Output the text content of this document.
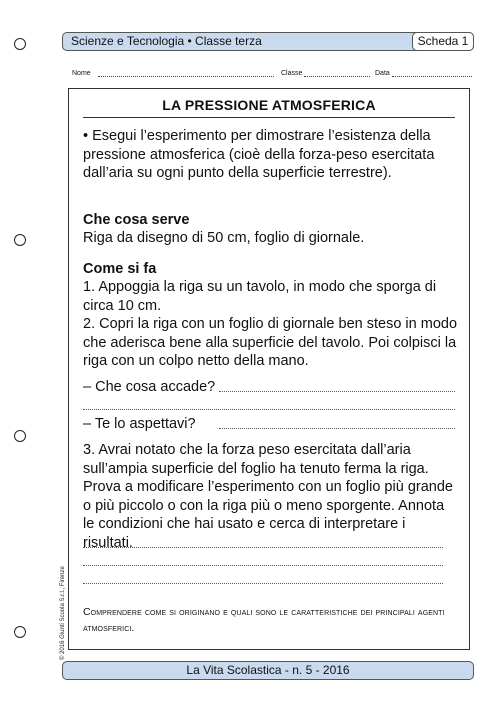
Scienze e Tecnologia • Classe terza	Scheda 1
Nome	Classe	Data
LA PRESSIONE ATMOSFERICA
• Esegui l’esperimento per dimostrare l’esistenza della pressione atmosferica (cioè della forza-peso esercitata dall’aria su ogni punto della superficie terrestre).
Che cosa serve
Riga da disegno di 50 cm, foglio di giornale.
Come si fa
1. Appoggia la riga su un tavolo, in modo che sporga di circa 10 cm.
2. Copri la riga con un foglio di giornale ben steso in modo che aderisca bene alla superficie del tavolo. Poi colpisci la riga con un colpo netto della mano.
– Che cosa accade?
– Te lo aspettavi?
3. Avrai notato che la forza peso esercitata dall’aria sull’ampia superficie del foglio ha tenuto ferma la riga.
Prova a modificare l’esperimento con un foglio più grande o più piccolo o con la riga più o meno sporgente. Annota le condizioni che hai usato e cerca di interpretare i risultati.
Comprendere come si originano e quali sono le caratteristiche dei principali agenti atmosferici.
© 2016 Giunti Scuola S.r.l., Firenze
La Vita Scolastica - n. 5 - 2016
